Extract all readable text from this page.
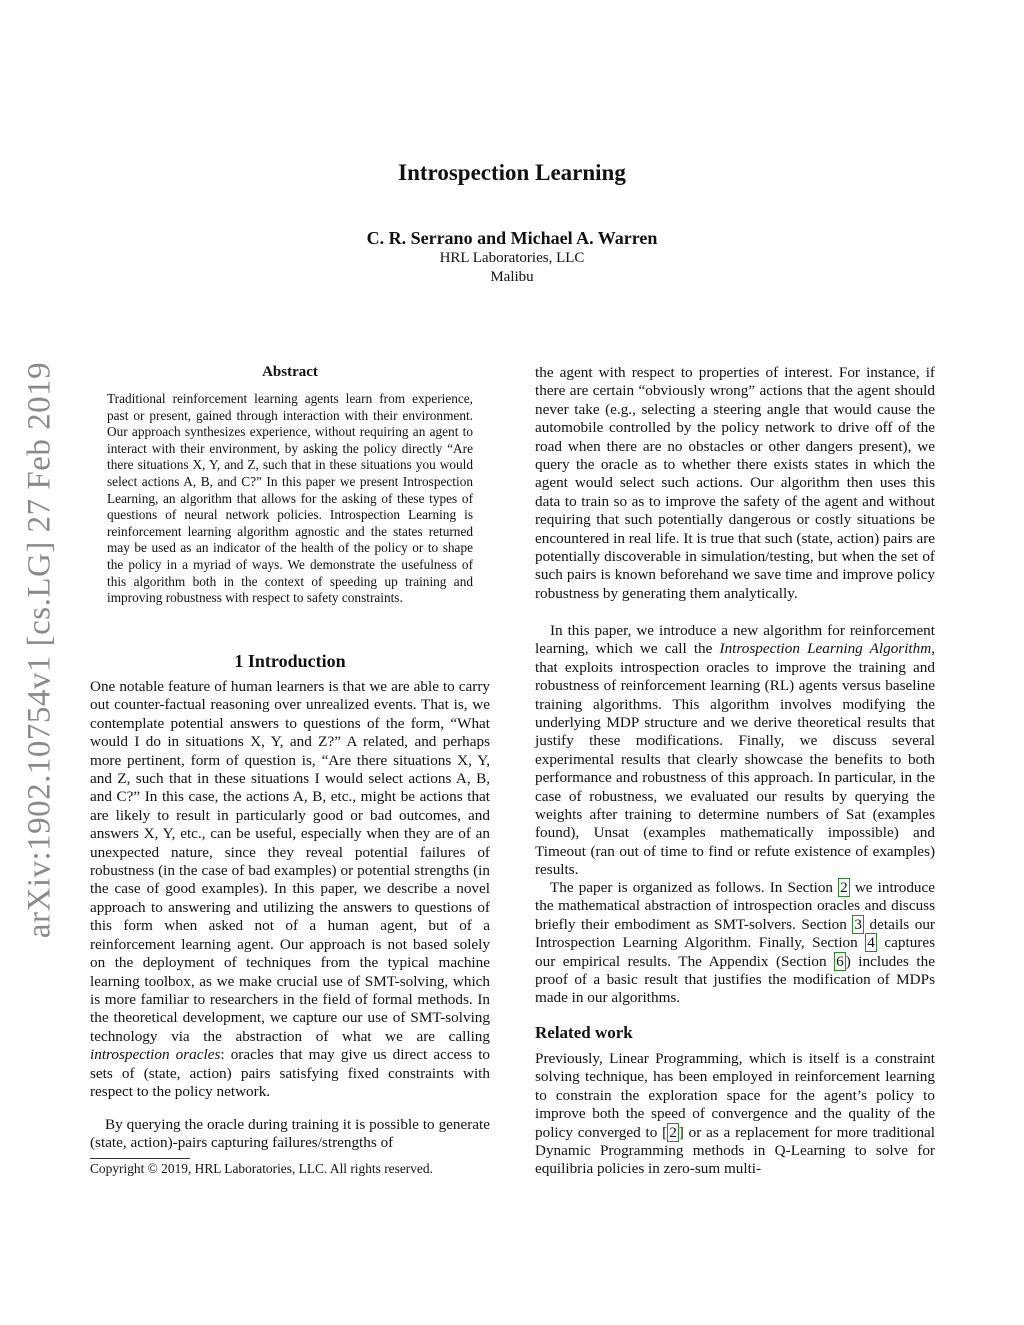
Introspection Learning
C. R. Serrano and Michael A. Warren
HRL Laboratories, LLC
Malibu
arXiv:1902.10754v1 [cs.LG] 27 Feb 2019	Abstract

Traditional reinforcement learning agents learn from experience, past or present, gained through interaction with their environment. Our approach synthesizes experience, without requiring an agent to interact with their environment, by asking the policy directly “Are there situations X, Y, and Z, such that in these situations you would select actions A, B, and C?” In this paper we present Introspection Learning, an algorithm that allows for the asking of these types of questions of neural network policies. Introspection Learning is reinforcement learning algorithm agnostic and the states returned may be used as an indicator of the health of the policy or to shape the policy in a myriad of ways. We demonstrate the usefulness of this algorithm both in the context of speeding up training and improving robustness with respect to safety constraints.

1 Introduction

One notable feature of human learners is that we are able to carry out counter-factual reasoning over unrealized events. That is, we contemplate potential answers to questions of the form, “What would I do in situations X, Y, and Z?” A related, and perhaps more pertinent, form of question is, “Are there situations X, Y, and Z, such that in these situations I would select actions A, B, and C?” In this case, the actions A, B, etc., might be actions that are likely to result in particularly good or bad outcomes, and answers X, Y, etc., can be useful, especially when they are of an unexpected nature, since they reveal potential failures of robustness (in the case of bad examples) or potential strengths (in the case of good examples). In this paper, we describe a novel approach to answering and utilizing the answers to questions of this form when asked not of a human agent, but of a reinforcement learning agent. Our approach is not based solely on the deployment of techniques from the typical machine learning toolbox, as we make crucial use of SMT-solving, which is more familiar to researchers in the field of formal methods. In the theoretical development, we capture our use of SMT-solving technology via the abstraction of what we are calling introspection oracles: oracles that may give us direct access to sets of (state, action) pairs satisfying fixed constraints with respect to the policy network.

By querying the oracle during training it is possible to generate (state, action)-pairs capturing failures/strengths of

Copyright © 2019, HRL Laboratories, LLC. All rights reserved.

the agent with respect to properties of interest. For instance, if there are certain “obviously wrong” actions that the agent should never take (e.g., selecting a steering angle that would cause the automobile controlled by the policy network to drive off of the road when there are no obstacles or other dangers present), we query the oracle as to whether there exists states in which the agent would select such actions. Our algorithm then uses this data to train so as to improve the safety of the agent and without requiring that such potentially dangerous or costly situations be encountered in real life. It is true that such (state, action) pairs are potentially discoverable in simulation/testing, but when the set of such pairs is known beforehand we save time and improve policy robustness by generating them analytically.

In this paper, we introduce a new algorithm for reinforcement learning, which we call the Introspection Learning Algorithm, that exploits introspection oracles to improve the training and robustness of reinforcement learning (RL) agents versus baseline training algorithms. This algorithm involves modifying the underlying MDP structure and we derive theoretical results that justify these modifications. Finally, we discuss several experimental results that clearly showcase the benefits to both performance and robustness of this approach. In particular, in the case of robustness, we evaluated our results by querying the weights after training to determine numbers of Sat (examples found), Unsat (examples mathematically impossible) and Timeout (ran out of time to find or refute existence of examples) results.

The paper is organized as follows. In Section 2 we introduce the mathematical abstraction of introspection oracles and discuss briefly their embodiment as SMT-solvers. Section 3 details our Introspection Learning Algorithm. Finally, Section 4 captures our empirical results. The Appendix (Section 6 ) includes the proof of a basic result that justifies the modification of MDPs made in our algorithms.

Related work

Previously, Linear Programming, which is itself is a constraint solving technique, has been employed in reinforcement learning to constrain the exploration space for the agent’s policy to improve both the speed of convergence and the quality of the policy converged to [ 2 ] or as a replacement for more traditional Dynamic Programming methods in Q-Learning to solve for equilibria policies in zero-sum multi-
